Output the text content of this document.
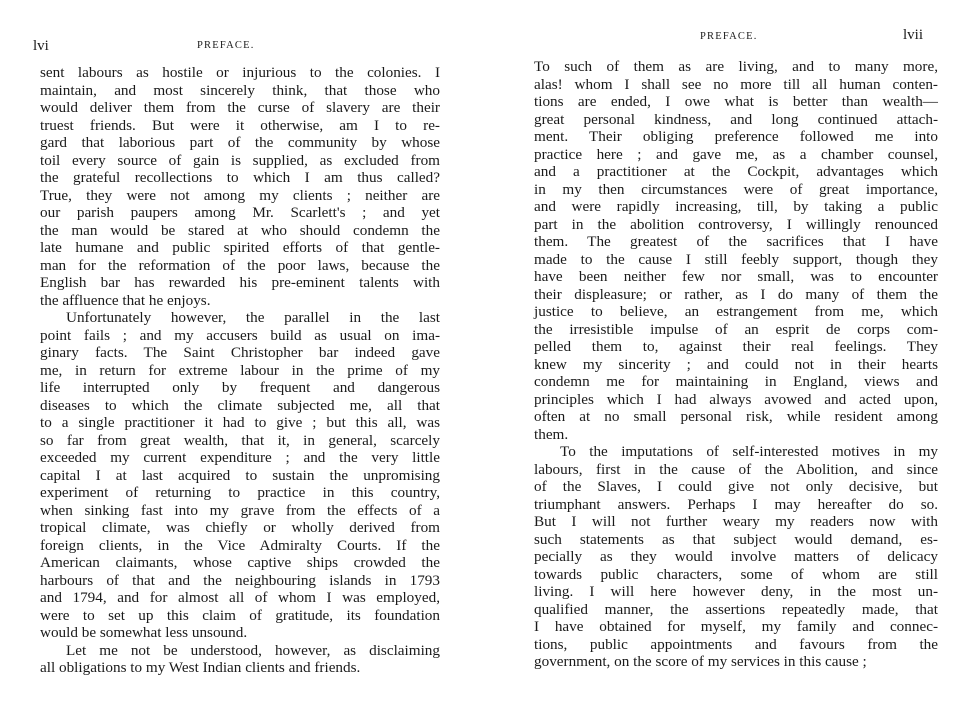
lvi	PREFACE.
sent labours as hostile or injurious to the colonies. I
maintain, and most sincerely think, that those who
would deliver them from the curse of slavery are their
truest friends. But were it otherwise, am I to re-
gard that laborious part of the community by whose
toil every source of gain is supplied, as excluded from
the grateful recollections to which I am thus called?
True, they were not among my clients ; neither are
our parish paupers among Mr. Scarlett's ; and yet
the man would be stared at who should condemn the
late humane and public spirited efforts of that gentle-
man for the reformation of the poor laws, because the
English bar has rewarded his pre-eminent talents with
the affluence that he enjoys.
Unfortunately however, the parallel in the last
point fails ; and my accusers build as usual on ima-
ginary facts. The Saint Christopher bar indeed gave
me, in return for extreme labour in the prime of my
life interrupted only by frequent and dangerous
diseases to which the climate subjected me, all that
to a single practitioner it had to give ; but this all, was
so far from great wealth, that it, in general, scarcely
exceeded my current expenditure ; and the very little
capital I at last acquired to sustain the unpromising
experiment of returning to practice in this country,
when sinking fast into my grave from the effects of a
tropical climate, was chiefly or wholly derived from
foreign clients, in the Vice Admiralty Courts. If the
American claimants, whose captive ships crowded the
harbours of that and the neighbouring islands in 1793
and 1794, and for almost all of whom I was employed,
were to set up this claim of gratitude, its foundation
would be somewhat less unsound.
Let me not be understood, however, as disclaiming
all obligations to my West Indian clients and friends.
PREFACE.	lvii
To such of them as are living, and to many more,
alas! whom I shall see no more till all human conten-
tions are ended, I owe what is better than wealth—
great personal kindness, and long continued attach-
ment. Their obliging preference followed me into
practice here ; and gave me, as a chamber counsel,
and a practitioner at the Cockpit, advantages which
in my then circumstances were of great importance,
and were rapidly increasing, till, by taking a public
part in the abolition controversy, I willingly renounced
them. The greatest of the sacrifices that I have
made to the cause I still feebly support, though they
have been neither few nor small, was to encounter
their displeasure; or rather, as I do many of them the
justice to believe, an estrangement from me, which
the irresistible impulse of an esprit de corps com-
pelled them to, against their real feelings. They
knew my sincerity ; and could not in their hearts
condemn me for maintaining in England, views and
principles which I had always avowed and acted upon,
often at no small personal risk, while resident among
them.
To the imputations of self-interested motives in my
labours, first in the cause of the Abolition, and since
of the Slaves, I could give not only decisive, but
triumphant answers. Perhaps I may hereafter do so.
But I will not further weary my readers now with
such statements as that subject would demand, es-
pecially as they would involve matters of delicacy
towards public characters, some of whom are still
living. I will here however deny, in the most un-
qualified manner, the assertions repeatedly made, that
I have obtained for myself, my family and connec-
tions, public appointments and favours from the
government, on the score of my services in this cause ;
